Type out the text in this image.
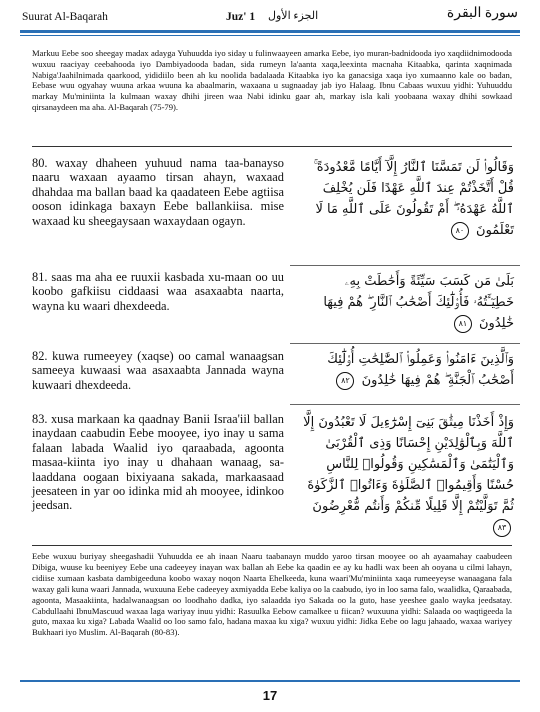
Suurat Al-Baqarah	Juz' 1 الجزء الأول	سورة البقرة
Markuu Eebe soo sheegay madax adayga Yuhuudda iyo siday u fulinwaayeen amarka Eebe, iyo muran-badnidooda iyo xaqdiidnimodooda wuxuu raaciyay ceebahooda iyo Dambiyadooda badan, sida rumeyn la'aanta xaqa,leexinta macnaha Kitaabka, qarinta xaqnimada Nabiga'Jaahilnimada qaarkood, yididiilo been ah ku noolida badalaada Kitaabka iyo ka ganacsiga xaqa iyo xumaanno kale oo badan, Eebase wuu ogyahay wuuna arkaa wuuna ka abaalmarin, waxaana u sugnaaday jab iyo Halaag. Ibnu Cabaas wuxuu yidhi: Yuhuuddu markay Mu'miniinta la kulmaan waxay dhihi jireen waa Nabi idinku gaar ah, markay isla kali yoobaana waxay dhihi sowkaad qirsanaydeen ma aha. Al-Baqarah (75-79).
80. waxay dhaheen yuhuud nama taa-banayso naaru waxaan ayaamo tirsan ahayn, waxaad dhahdaa ma ballan baad ka qaadateen Eebe agtiisa ooson idinkaga baxayn Eebe ballankiisa. mise waxaad ku sheegaysaan waxaydaan ogayn.
وَقَالُوا۟ لَن تَمَسَّنَا ٱلنَّارُ إِلَّآ أَيَّامًا مَّعْدُودَةً ۚ قُلْ أَتَّخَذْتُمْ عِندَ ٱللَّهِ عَهْدًا فَلَن يُخْلِفَ ٱللَّهُ عَهْدَهُۥٓ ۖ أَمْ تَقُولُونَ عَلَى ٱللَّهِ مَا لَا تَعْلَمُونَ ٨٠
81. saas ma aha ee ruuxii kasbada xu-maan oo uu koobo gafkiisu ciddaasi waa asaxaabta naarta, wayna ku waari dhexdeeda.
بَلَىٰ مَن كَسَبَ سَيِّئَةً وَأَحَٰطَتْ بِهِۦ خَطِيٓـَٔتُهُۥ فَأُو۟لَٰٓئِكَ أَصْحَٰبُ ٱلنَّارِ ۖ هُمْ فِيهَا خَٰلِدُونَ ٨١
82. kuwa rumeeyey (xaqse) oo camal wanaagsan sameeya kuwaasi waa asaxaabta Jannada wayna kuwaari dhexdeeda.
وَٱلَّذِينَ ءَامَنُوا۟ وَعَمِلُوا۟ ٱلصَّٰلِحَٰتِ أُو۟لَٰٓئِكَ أَصْحَٰبُ ٱلْجَنَّةِ ۖ هُمْ فِيهَا خَٰلِدُونَ ٨٢
83. xusa markaan ka qaadnay Banii Israa'iil ballan inaydaan caabudin Eebe mooyee, iyo inay u sama falaan labada Waalid iyo qaraabada, agoonta masaa-kiinta iyo inay u dhahaan wanaag, sa-laaddana oogaan bixiyaana sakada, markaasaad jeesateen in yar oo idinka mid ah mooyee, idinkoo jeedsan.
وَإِذْ أَخَذْنَا مِيثَٰقَ بَنِىٓ إِسْرَٰٓءِيلَ لَا تَعْبُدُونَ إِلَّا ٱللَّهَ وَبِٱلْوَٰلِدَيْنِ إِحْسَانًا وَذِى ٱلْقُرْبَىٰ وَٱلْيَتَٰمَىٰ وَٱلْمَسَٰكِينِ وَقُولُوا۟ لِلنَّاسِ حُسْنًا وَأَقِيمُوا۟ ٱلصَّلَوٰةَ وَءَاتُوا۟ ٱلزَّكَوٰةَ ثُمَّ تَوَلَّيْتُمْ إِلَّا قَلِيلًا مِّنكُمْ وَأَنتُم مُّعْرِضُونَ ٨٣
Eebe wuxuu buriyay sheegashadii Yuhuudda ee ah inaan Naaru taabanayn muddo yaroo tirsan mooyee oo ah ayaamahay caabudeen Dibiga, wuuse ku beeniyey Eebe una cadeeyey inayan wax ballan ah Eebe ka qaadin ee ay ku hadli wax been ah ooyana u cilmi lahayn, cidiise xumaan kasbata dambigeeduna koobo waxay noqon Naarta Ehelkeeda, kuna waari'Mu'miniinta xaqa rumeeyeyse wanaagana fala waxay gali kuna waari Jannada, wuxuuna Eebe cadeeyey axmiyadda Eebe kaliya oo la caabudo, iyo in loo sama falo, waalidka, Qaraabada, agoonta, Masaakiinta, hadalwanaagsan oo loodhaho dadka, iyo salaadda iyo Sakada oo la guto, hase yeeshee gaalo wayka jeedsatay. Cabdullaahi IbnuMascuud waxaa laga wariyay inuu yidhi: Rasuulka Eebow camalkee u fiican? wuxuuna yidhi: Salaada oo waqtigeeda la guto, maxaa ku xiga? Labada Waalid oo loo samo falo, hadana maxaa ku xiga? wuxuu yidhi: Jidka Eebe oo lagu jahaado, waxaa wariyey Bukhaari iyo Muslim. Al-Baqarah (80-83).
17
